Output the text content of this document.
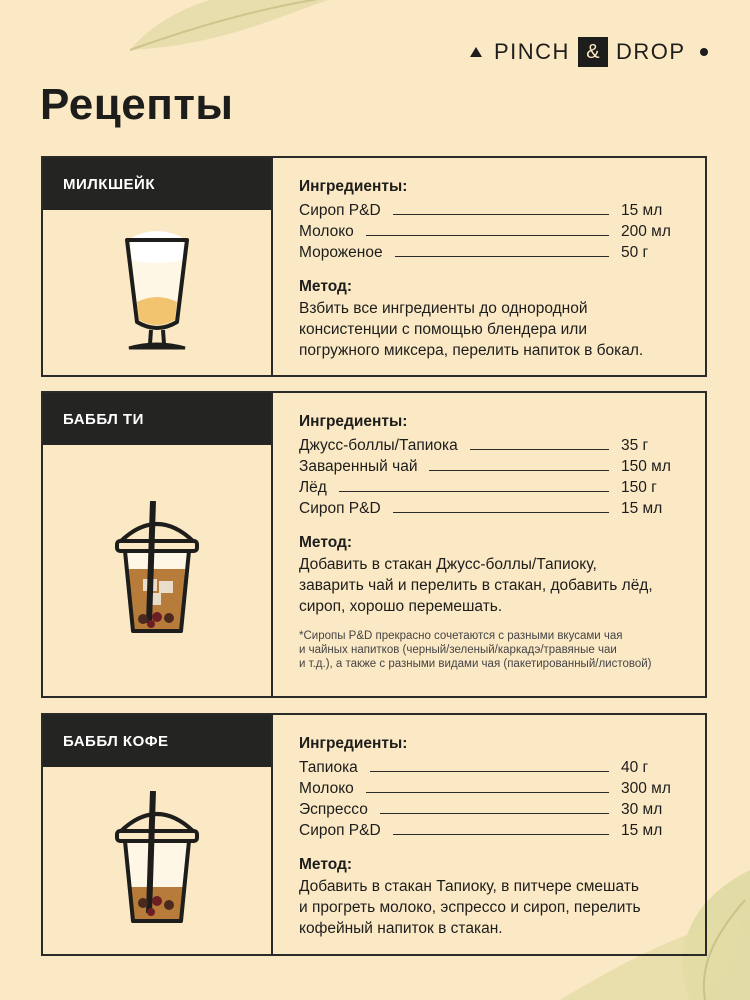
PINCH & DROP
Рецепты
МИЛКШЕЙК	Ингредиенты:
Сироп P&D	15 мл
Молоко	200 мл
Мороженое	50 г
Метод:
Взбить все ингредиенты до однородной
консистенции с помощью блендера или
погружного миксера, перелить напиток в бокал.
БАББЛ ТИ	Ингредиенты:
Джусс-боллы/Тапиока	35 г
Заваренный чай	150 мл
Лёд	150 г
Сироп P&D	15 мл
Метод:
Добавить в стакан Джусс-боллы/Тапиоку,
заварить чай и перелить в стакан, добавить лёд,
сироп, хорошо перемешать.
*Сиропы P&D прекрасно сочетаются с разными вкусами чая
и чайных напитков (черный/зеленый/каркадэ/травяные чаи
и т.д.), а также с разными видами чая (пакетированный/листовой)
БАББЛ КОФЕ	Ингредиенты:
Тапиока	40 г
Молоко	300 мл
Эспрессо	30 мл
Сироп P&D	15 мл
Метод:
Добавить в стакан Тапиоку, в питчере смешать
и прогреть молоко, эспрессо и сироп, перелить
кофейный напиток в стакан.
